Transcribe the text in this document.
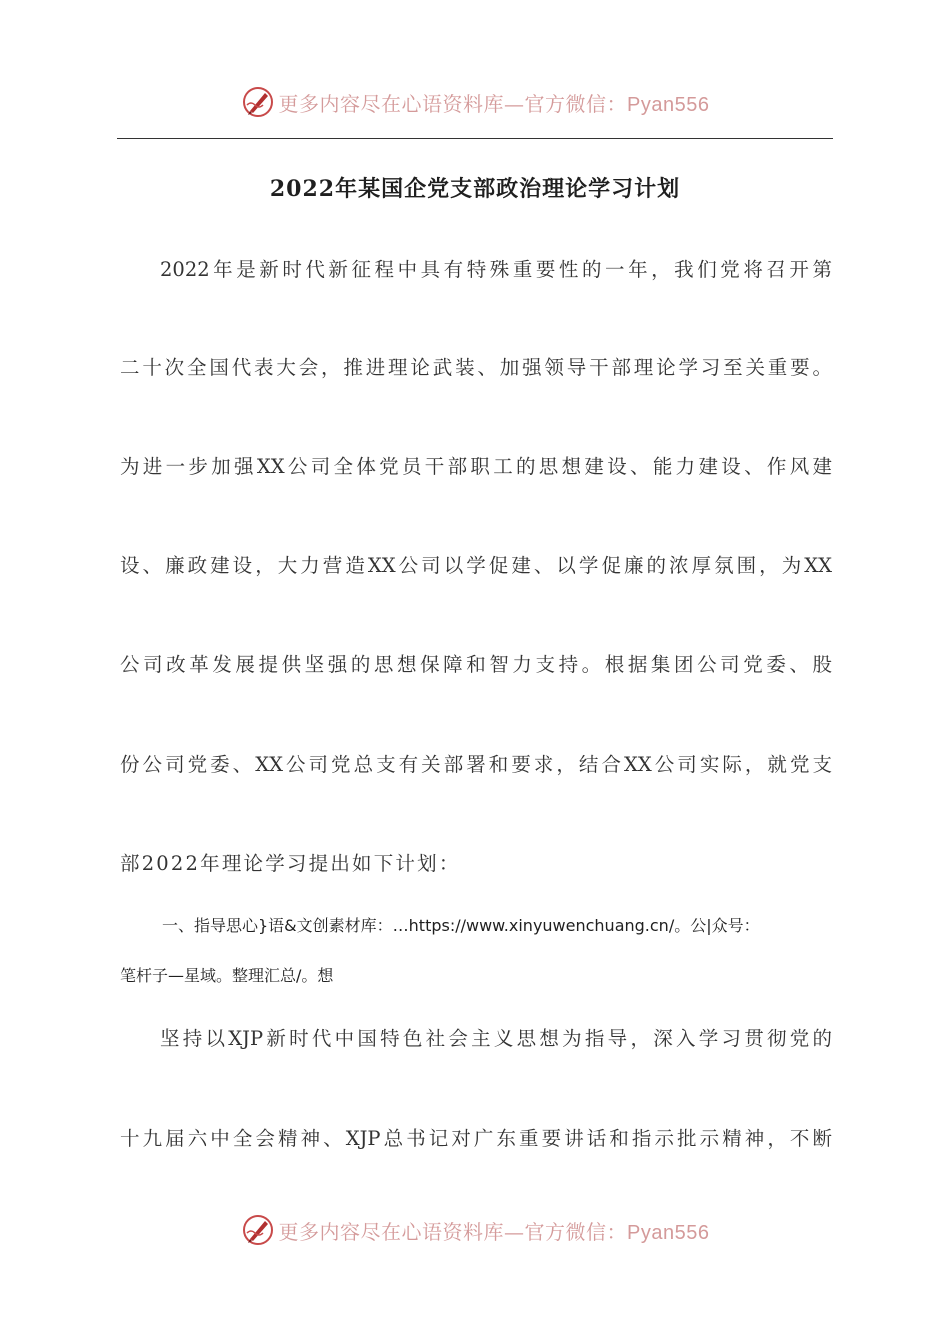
更多内容尽在心语资料库—官方微信：Pyan556
2022年某国企党支部政治理论学习计划
2022年是新时代新征程中具有特殊重要性的一年，我们党将召开第
二十次全国代表大会，推进理论武装、加强领导干部理论学习至关重要。
为进一步加强XX公司全体党员干部职工的思想建设、能力建设、作风建
设、廉政建设，大力营造XX公司以学促建、以学促廉的浓厚氛围，为XX
公司改革发展提供坚强的思想保障和智力支持。根据集团公司党委、股
份公司党委、XX公司党总支有关部署和要求，结合XX公司实际，就党支
部2022年理论学习提出如下计划：
一、指导思心}语&文创素材库：…https://www.xinyuwenchuang.cn/。公|众号：
笔杆子—星域。整理汇总/。想
坚持以XJP新时代中国特色社会主义思想为指导，深入学习贯彻党的
十九届六中全会精神、XJP总书记对广东重要讲话和指示批示精神，不断
更多内容尽在心语资料库—官方微信：Pyan556
